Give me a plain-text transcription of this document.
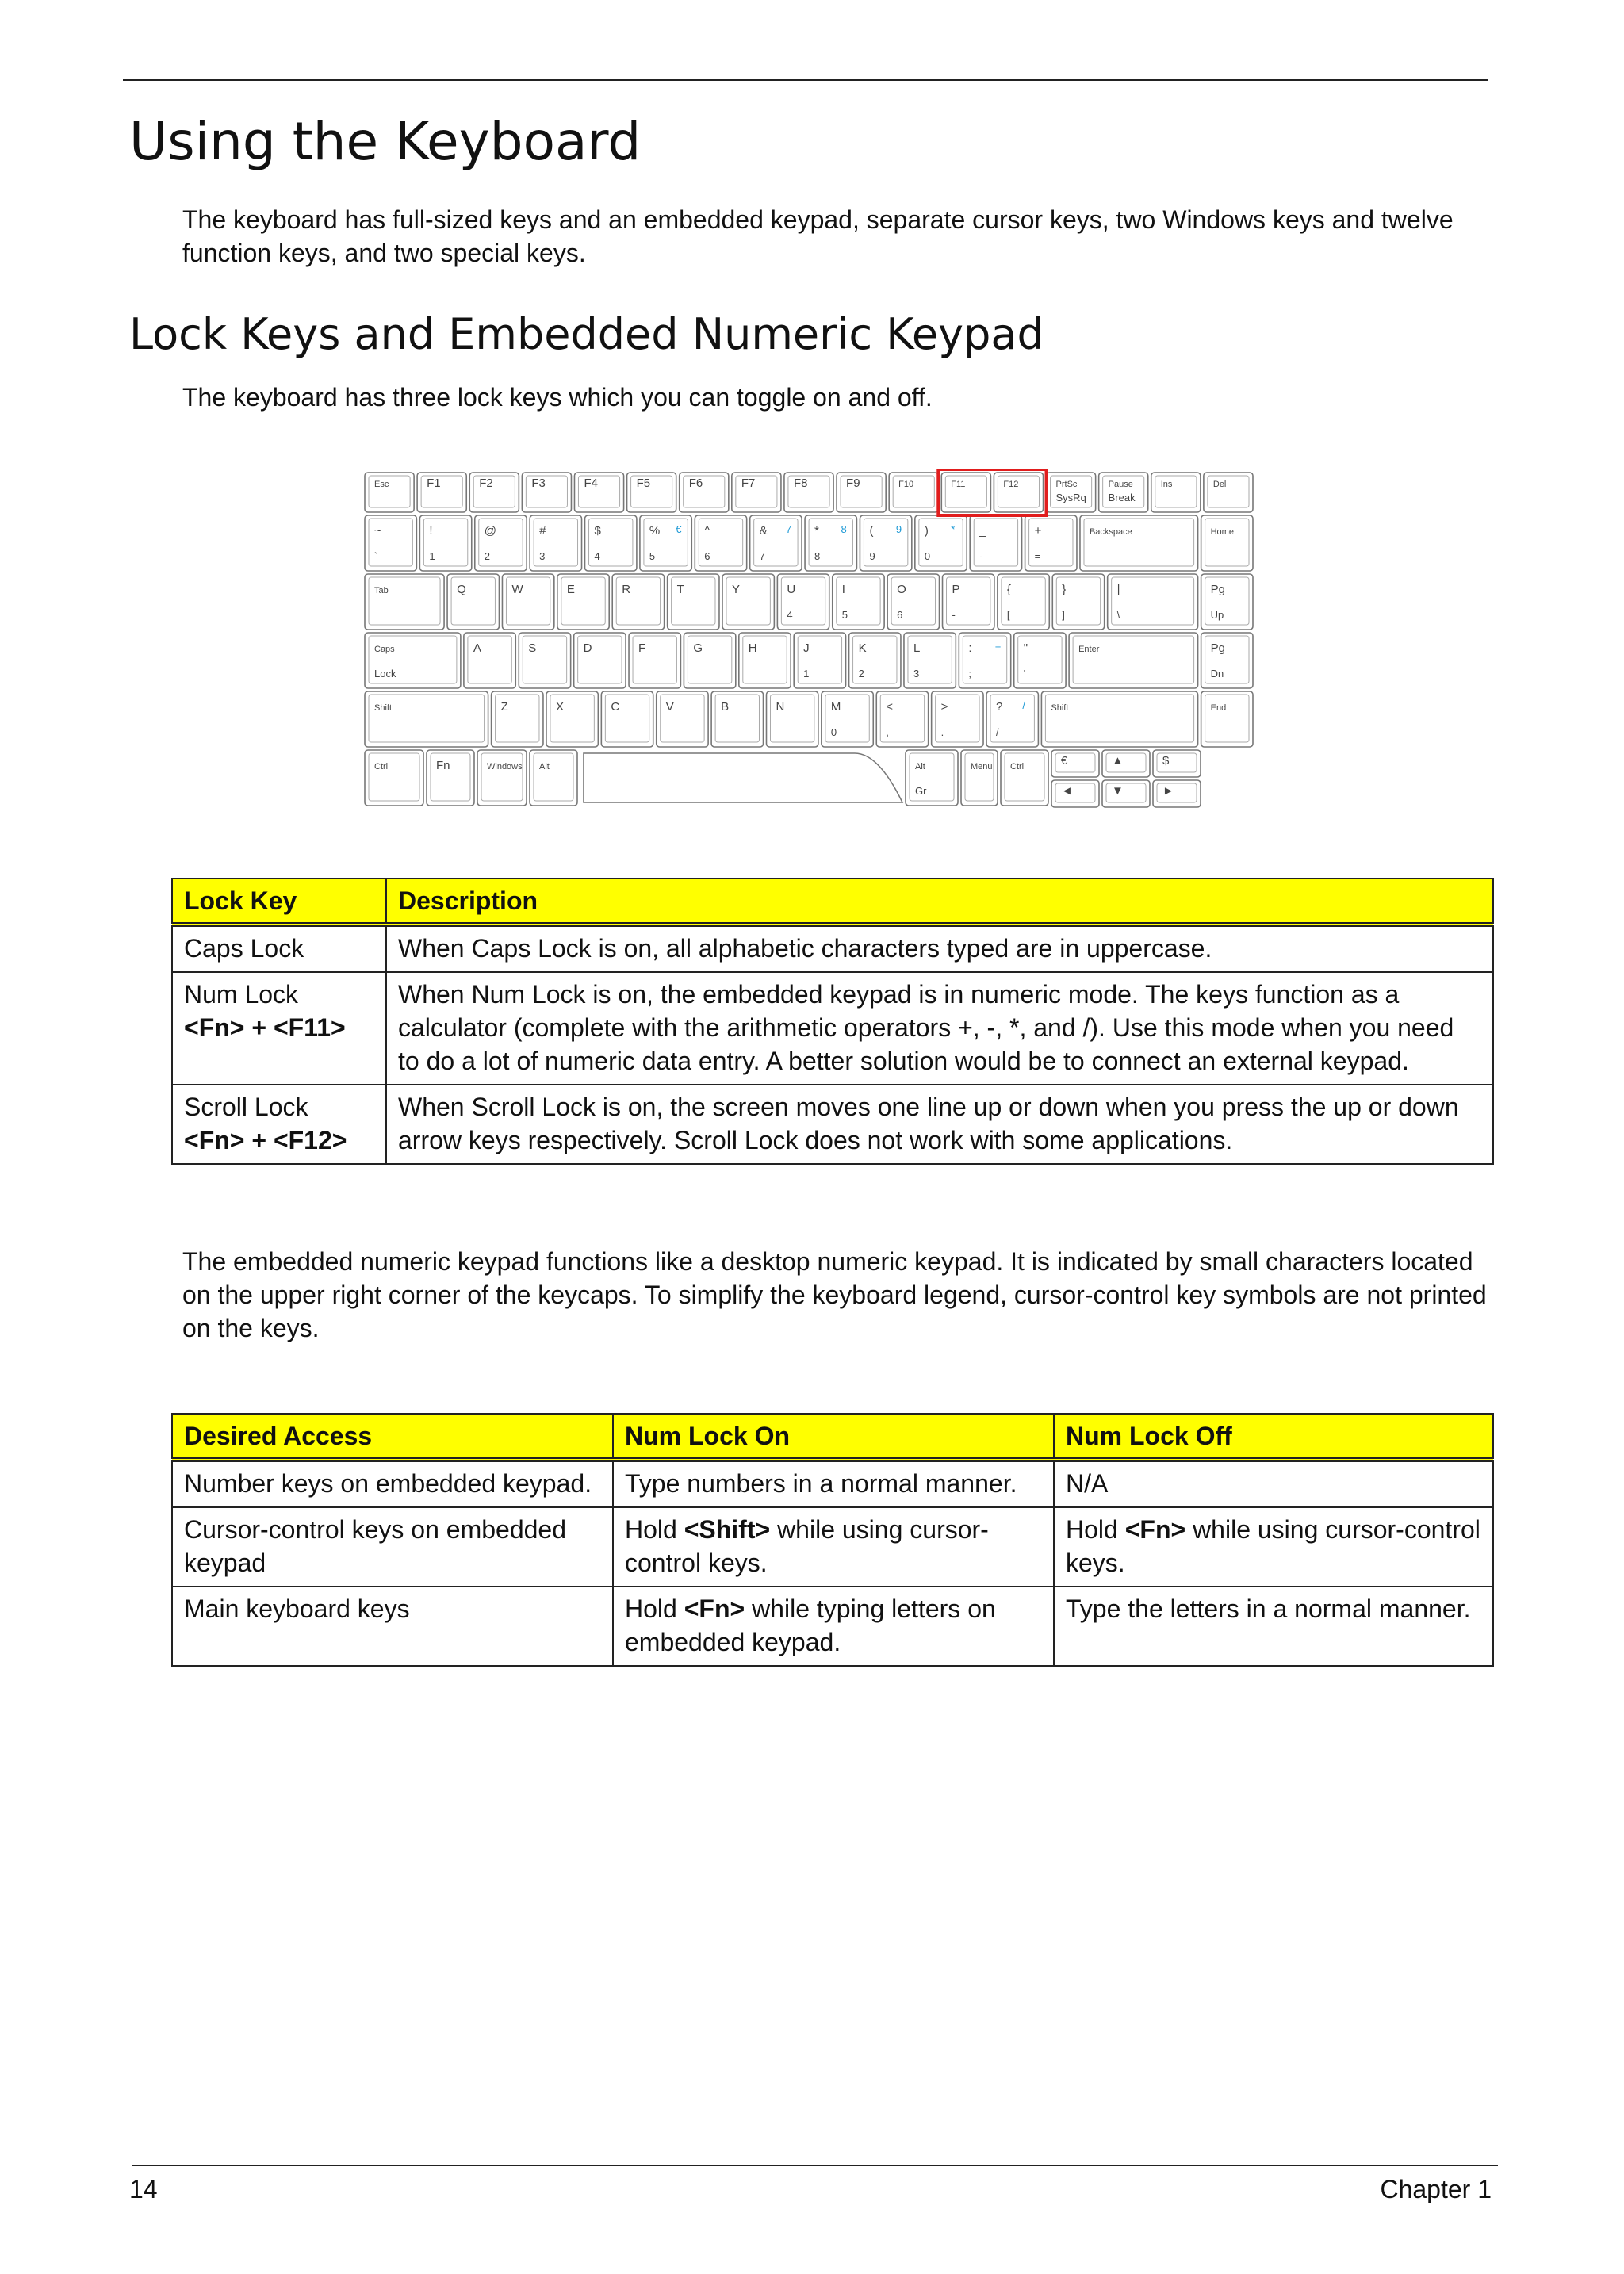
Using the Keyboard

The keyboard has full-sized keys and an embedded keypad, separate cursor keys, two Windows keys and twelve function keys, and two special keys.

Lock Keys and Embedded Numeric Keypad

The keyboard has three lock keys which you can toggle on and off.

Esc	F1	F2	F3	F4	F5	F6	F7	F8	F9	F10	F11	F12	PrtSc
SysRq
Pause
Break
Ins	Del
~
`
!
1
@
2
#
3
$
4
%
5
€ ^
6
&
7
7 *
8
8 (
9
9 )
0
* _
-
+
=
Backspace	Home
Tab	Q	W	E	R	T	Y	U
4
I
5
O
6
P
-
{
[
}
]
|
\
Pg
Up
Caps
Lock
A	S	D	F	G	H	J
1
K
2
L
3
:
;
+ "
'
Enter	Pg
Dn
Shift	Z	X	C	V	B	N	M
0
<
,
>
.
?
/
/	Shift	End
Ctrl	Fn	Windows Alt	Alt
Gr
Menu Ctrl	€	▲	$
◄	▼	►
Lock Key	Description
Caps Lock	When Caps Lock is on, all alphabetic characters typed are in uppercase.
Num Lock
<Fn> + <F11>	When Num Lock is on, the embedded keypad is in numeric mode. The keys function as a calculator (complete with the arithmetic operators +, -, *, and /). Use this mode when you need to do a lot of numeric data entry. A better solution would be to connect an external keypad.
Scroll Lock
<Fn> + <F12>	When Scroll Lock is on, the screen moves one line up or down when you press the up or down arrow keys respectively. Scroll Lock does not work with some applications.

The embedded numeric keypad functions like a desktop numeric keypad. It is indicated by small characters located on the upper right corner of the keycaps. To simplify the keyboard legend, cursor-control key symbols are not printed on the keys.

Desired Access	Num Lock On	Num Lock Off
Number keys on embedded keypad.	Type numbers in a normal manner.	N/A
Cursor-control keys on embedded keypad	Hold <Shift> while using cursor-control keys.	Hold <Fn> while using cursor-control keys.
Main keyboard keys	Hold <Fn> while typing letters on embedded keypad.	Type the letters in a normal manner.
14	Chapter 1
